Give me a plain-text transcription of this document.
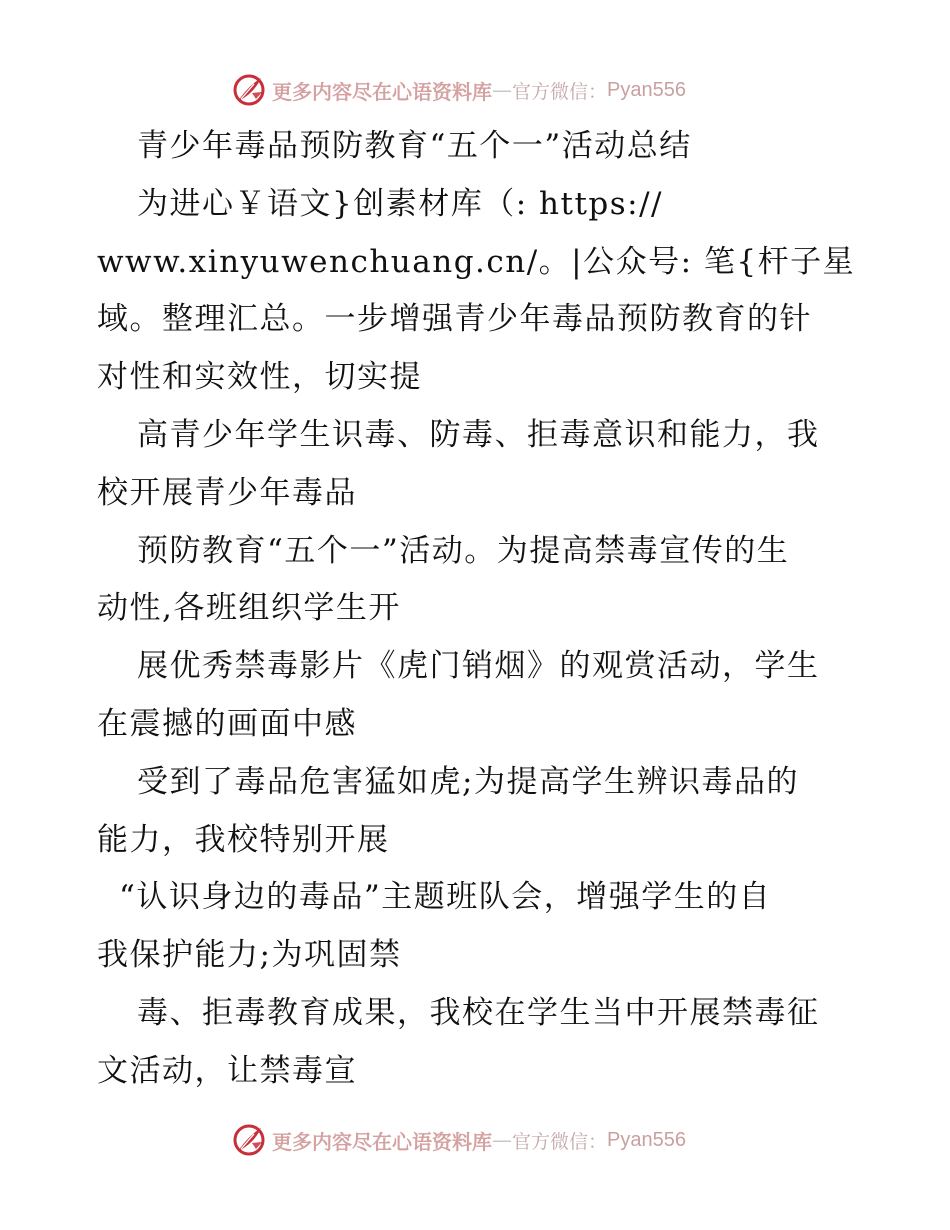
更多内容尽在心语资料库 — 官方微信： Pyan556
青少年毒品预防教育“五个一”活动总结
为进心￥语文}创素材库（: https://
www.xinyuwenchuang.cn/。|公众号: 笔{杆子星
域。整理汇总。一步增强青少年毒品预防教育的针
对性和实效性，切实提
高青少年学生识毒、防毒、拒毒意识和能力，我
校开展青少年毒品
预防教育“五个一”活动。为提高禁毒宣传的生
动性,各班组织学生开
展优秀禁毒影片《虎门销烟》的观赏活动，学生
在震撼的画面中感
受到了毒品危害猛如虎;为提高学生辨识毒品的
能力，我校特别开展
“认识身边的毒品”主题班队会，增强学生的自
我保护能力;为巩固禁
毒、拒毒教育成果，我校在学生当中开展禁毒征
文活动，让禁毒宣
更多内容尽在心语资料库 — 官方微信： Pyan556
